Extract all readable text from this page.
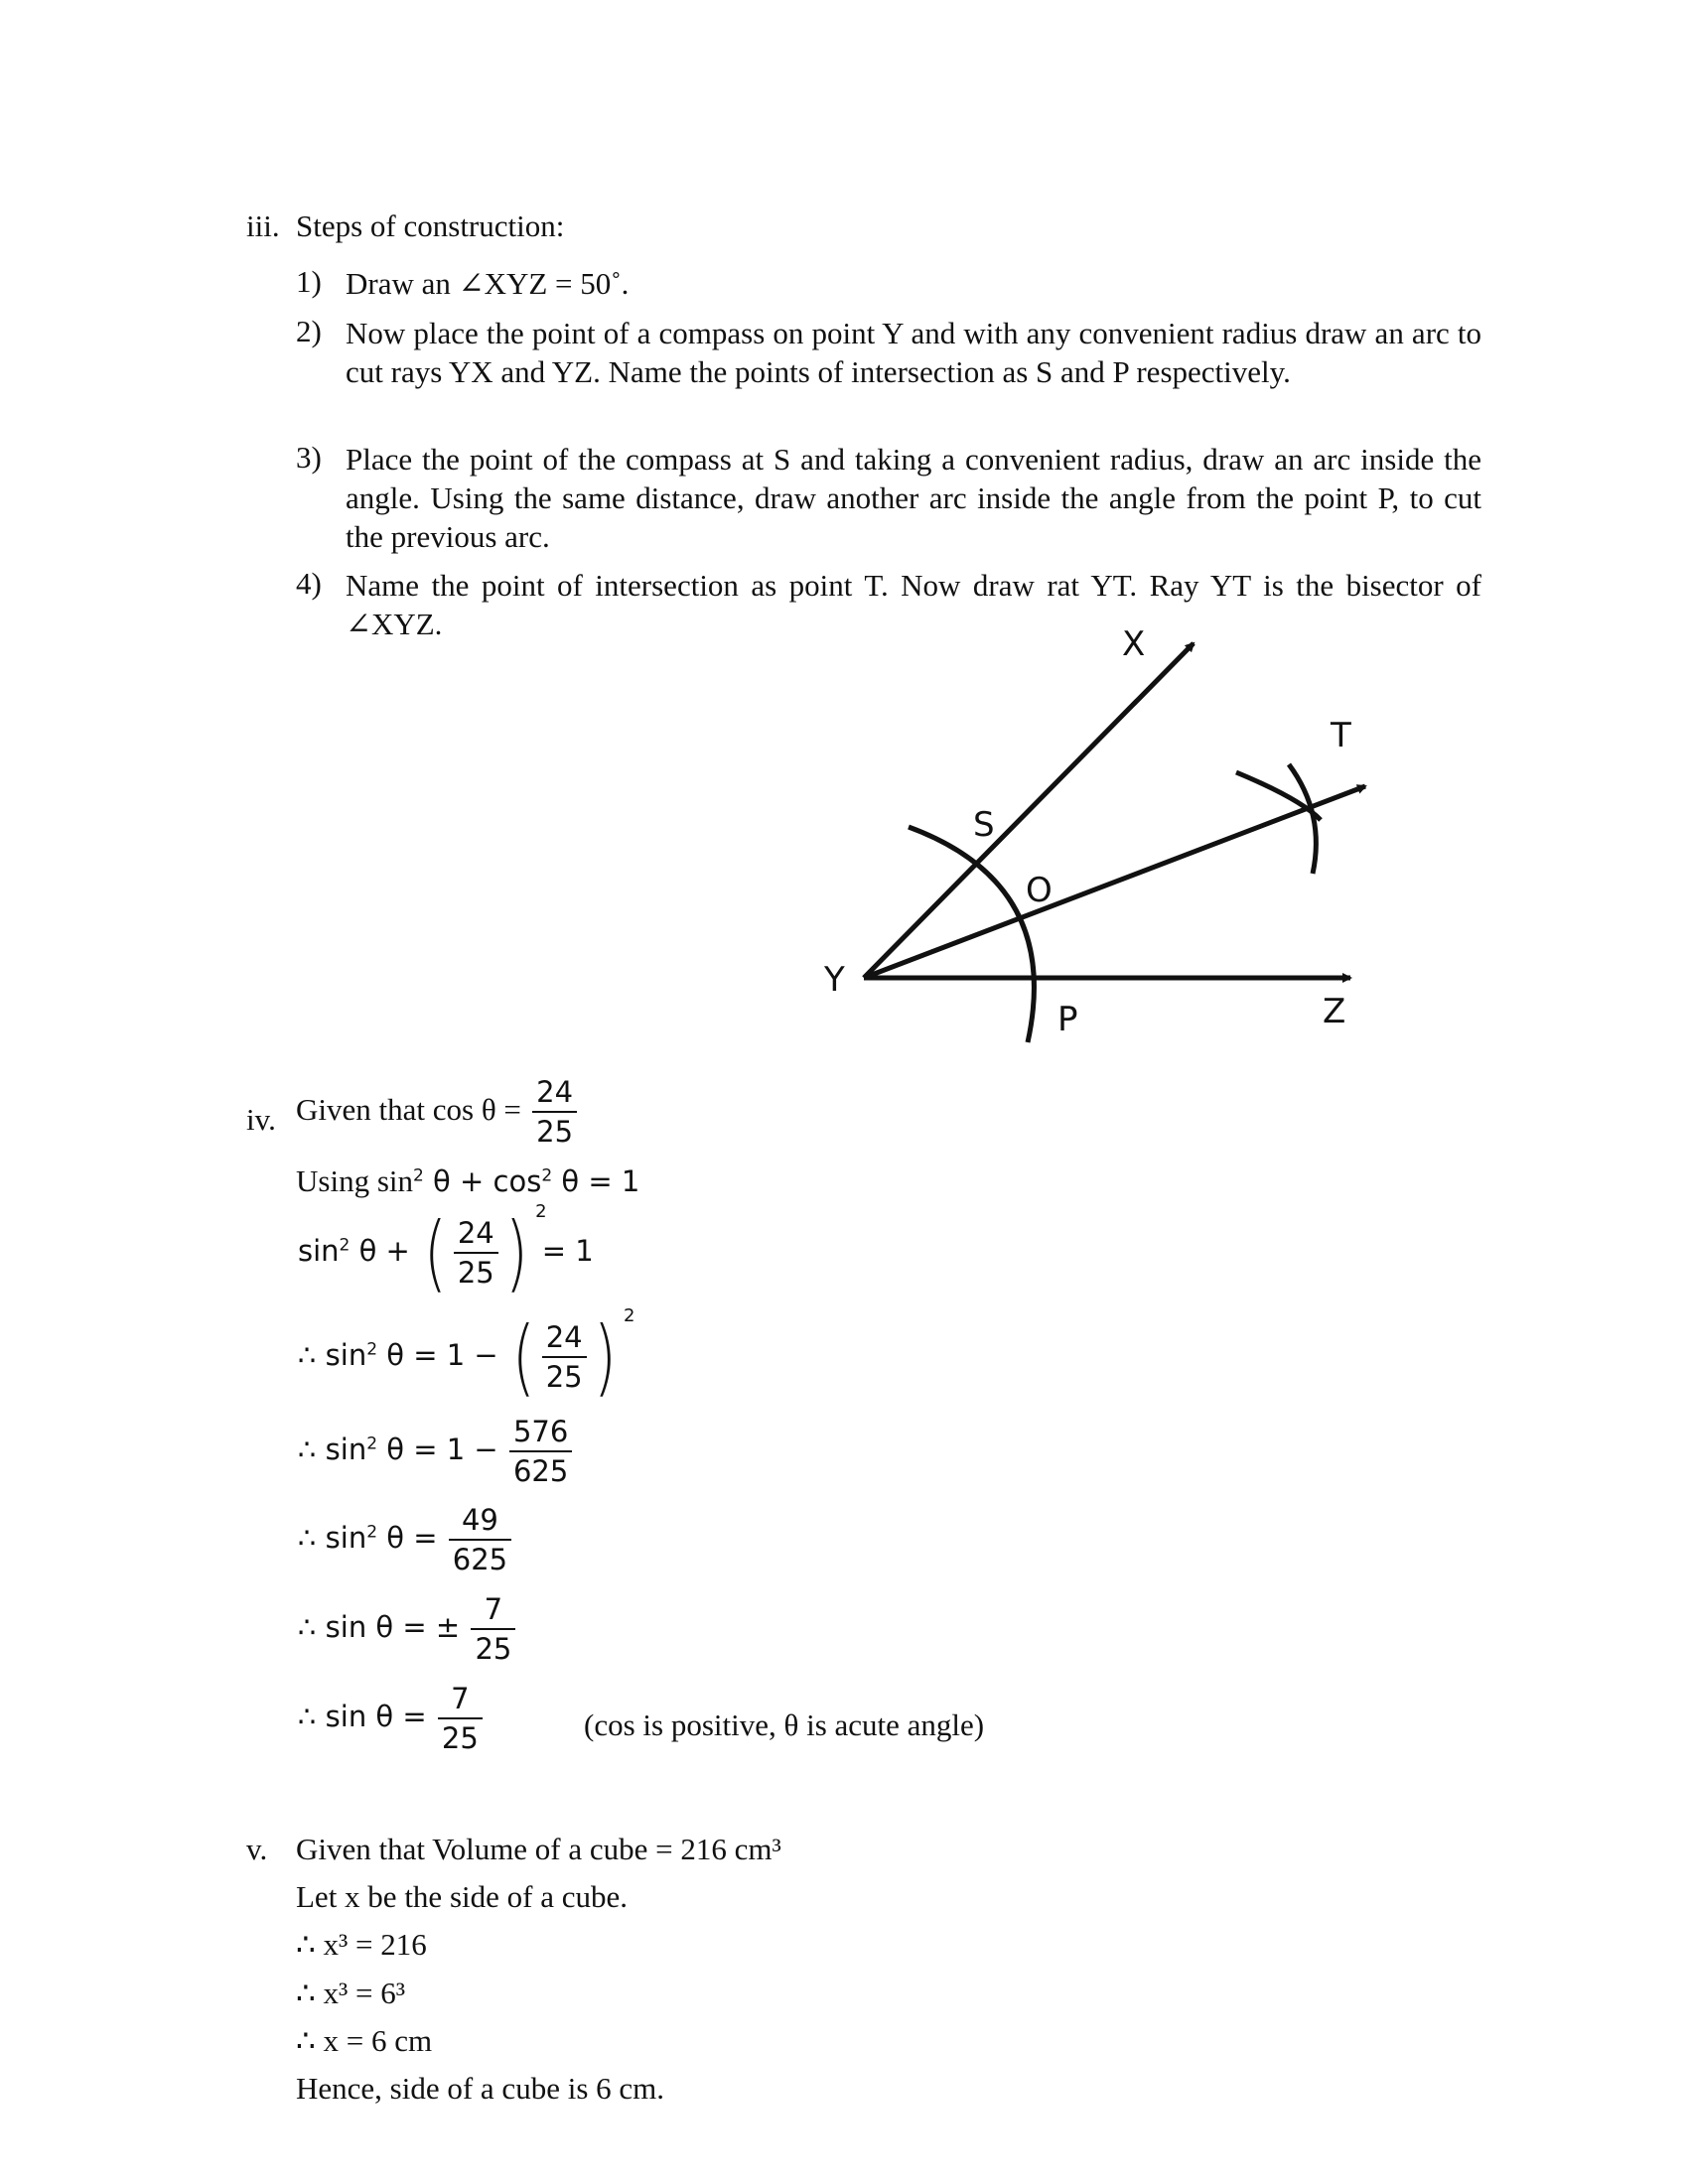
iii. Steps of construction:
1) Draw an ∠XYZ = 50˚.
2) Now place the point of a compass on point Y and with any convenient radius draw an arc to cut rays YX and YZ. Name the points of intersection as S and P respectively.
3) Place the point of the compass at S and taking a convenient radius, draw an arc inside the angle. Using the same distance, draw another arc inside the angle from the point P, to cut the previous arc.
4) Name the point of intersection as point T. Now draw rat YT. Ray YT is the bisector of ∠XYZ.
X
T
S
O
Y
P	Z
iv. Given that $\cos \theta = \frac{24}{25}$
Using $\sin^2 \theta + \cos^2 \theta = 1$
$\sin^2 \theta$ + ( $\frac{24}{25}$ ) 2
= 1
∴ $\sin^2 \theta = 1$ − ( $\frac{24}{25}$ ) 2
∴ $\sin^2 \theta = 1 - \frac{576}{625}$
∴ $\sin^2 \theta = \frac{49}{625}$
∴ sin θ = ± $\frac{7}{25}$
∴ $\sin \theta = \frac{7}{25}$	(cos is positive, θ is acute angle)
v. Given that Volume of a cube = 216 cm³
Let x be the side of a cube.
∴ x³ = 216
∴ x³ = 6³
∴ x = 6 cm
Hence, side of a cube is 6 cm.
